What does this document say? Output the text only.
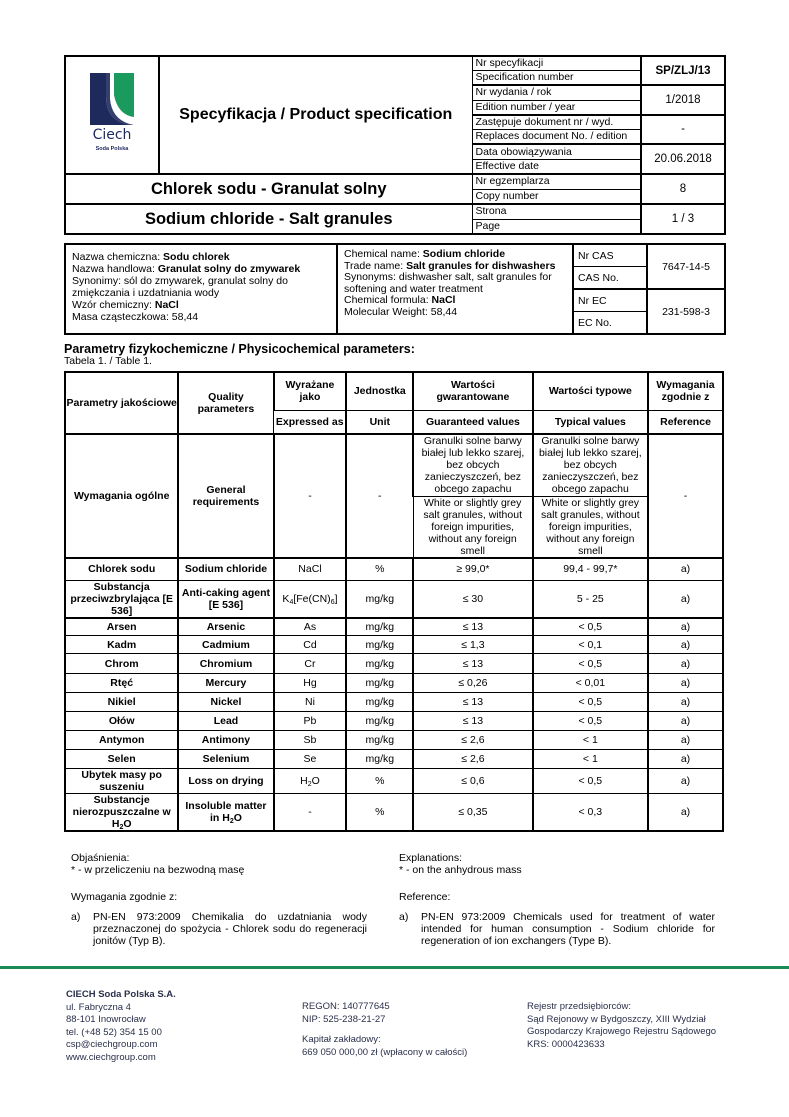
Ciech
Soda Polska	Specyfikacja / Product specification	Nr specyfikacji	SP/ZLJ/13
		Specification number	
		Nr wydania / rok	1/2018
		Edition number / year	
		Zastępuje dokument nr / wyd.	-
		Replaces document No. / edition	
		Data obowiązywania	20.06.2018
		Effective date	
Chlorek sodu - Granulat solny		Nr egzemplarza	8
		Copy number	
Sodium chloride - Salt granules		Strona	1 / 3
		Page	
Nazwa chemiczna: Sodu chlorek
Nazwa handlowa: Granulat solny do zmywarek
Synonimy: sól do zmywarek, granulat solny do zmiękczania i uzdatniania wody
Wzór chemiczny: NaCl
Masa cząsteczkowa: 58,44

Chemical name: Sodium chloride
Trade name: Salt granules for dishwashers
Synonyms: dishwasher salt, salt granules for softening and water treatment
Chemical formula: NaCl
Molecular Weight: 58,44
	Nr CAS	7647-14-5
		CAS No.	
		Nr EC	231-598-3
		EC No.	
Parametry fizykochemiczne / Physicochemical parameters:
Tabela 1. / Table 1.
Parametry jakościowe	Quality parameters	Wyrażane jako	Jednostka	Wartości gwarantowane	Wartości typowe	Wymagania zgodnie z
		Expressed as	Unit	Guaranteed values	Typical values	Reference
Wymagania ogólne	General requirements	-	-	Granulki solne barwy białej lub lekko szarej, bez obcych zanieczyszczeń, bez obcego zapachu	Granulki solne barwy białej lub lekko szarej, bez obcych zanieczyszczeń, bez obcego zapachu	-
				White or slightly grey salt granules, without foreign impurities, without any foreign smell	White or slightly grey salt granules, without foreign impurities, without any foreign smell	
Chlorek sodu	Sodium chloride	NaCl	%	≥ 99,0*	99,4 - 99,7*	a)
Substancja przeciwzbrylająca [E 536]	Anti-caking agent [E 536]	$K_4[Fe(CN)_6]$	mg/kg	≤ 30	5 - 25	a)
Arsen	Arsenic	As	mg/kg	≤ 13	< 0,5	a)
Kadm	Cadmium	Cd	mg/kg	≤ 1,3	< 0,1	a)
Chrom	Chromium	Cr	mg/kg	≤ 13	< 0,5	a)
Rtęć	Mercury	Hg	mg/kg	≤ 0,26	< 0,01	a)
Nikiel	Nickel	Ni	mg/kg	≤ 13	< 0,5	a)
Ołów	Lead	Pb	mg/kg	≤ 13	< 0,5	a)
Antymon	Antimony	Sb	mg/kg	≤ 2,6	< 1	a)
Selen	Selenium	Se	mg/kg	≤ 2,6	< 1	a)
Ubytek masy po suszeniu	Loss on drying	$H_2O$	%	≤ 0,6	< 0,5	a)
Substancje nierozpuszczalne w $H_2O$	Insoluble matter in $H_2O$	-	%	≤ 0,35	< 0,3	a)
Objaśnienia:
* - w przeliczeniu na bezwodną masę
Explanations:
* - on the anhydrous mass
Wymagania zgodnie z:	Reference:
a) PN-EN 973:2009 Chemikalia do uzdatniania wody przeznaczonej do spożycia - Chlorek sodu do regeneracji jonitów (Typ B).
a) PN-EN 973:2009 Chemicals used for treatment of water intended for human consumption - Sodium chloride for regeneration of ion exchangers (Type B).
CIECH Soda Polska S.A.
ul. Fabryczna 4
88-101 Inowrocław
tel. (+48 52) 354 15 00
csp@ciechgroup.com
www.ciechgroup.com
REGON: 140777645
NIP: 525-238-21-27
Kapitał zakładowy:
669 050 000,00 zł (wpłacony w całości)
Rejestr przedsiębiorców:
Sąd Rejonowy w Bydgoszczy, XIII Wydział
Gospodarczy Krajowego Rejestru Sądowego
KRS: 0000423633
